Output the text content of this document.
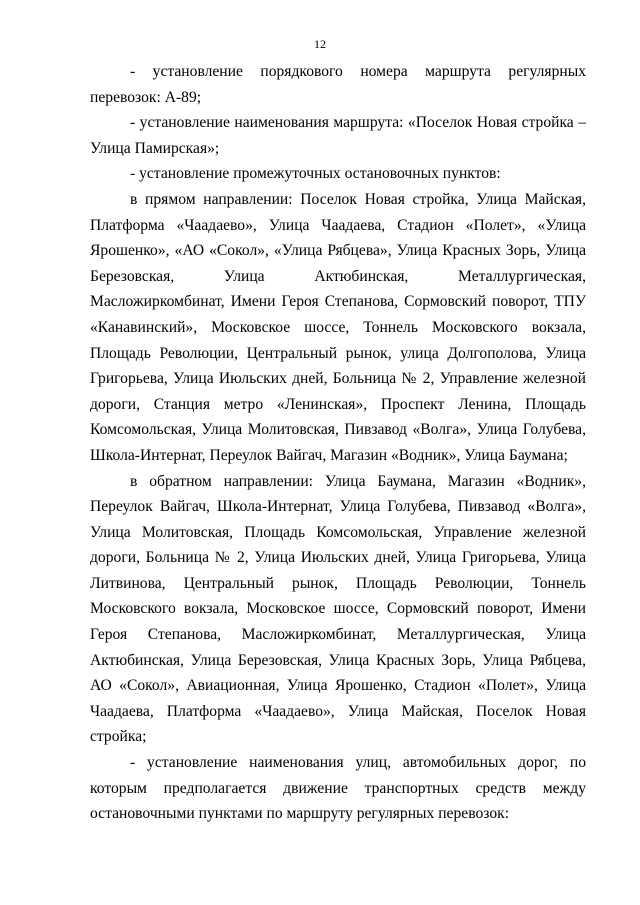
12

- установление порядкового номера маршрута регулярных перевозок: А-89;

- установление наименования маршрута: «Поселок Новая стройка – Улица Памирская»;

- установление промежуточных остановочных пунктов:

в прямом направлении: Поселок Новая стройка, Улица Майская, Платформа «Чаадаево», Улица Чаадаева, Стадион «Полет», «Улица Ярошенко», «АО «Сокол», «Улица Рябцева», Улица Красных Зорь, Улица Березовская, Улица Актюбинская, Металлургическая, Масложиркомбинат, Имени Героя Степанова, Сормовский поворот, ТПУ «Канавинский», Московское шоссе, Тоннель Московского вокзала, Площадь Революции, Центральный рынок, улица Долгополова, Улица Григорьева, Улица Июльских дней, Больница № 2, Управление железной дороги, Станция метро «Ленинская», Проспект Ленина, Площадь Комсомольская, Улица Молитовская, Пивзавод «Волга», Улица Голубева, Школа-Интернат, Переулок Вайгач, Магазин «Водник», Улица Баумана;

в обратном направлении: Улица Баумана, Магазин «Водник», Переулок Вайгач, Школа-Интернат, Улица Голубева, Пивзавод «Волга», Улица Молитовская, Площадь Комсомольская, Управление железной дороги, Больница № 2, Улица Июльских дней, Улица Григорьева, Улица Литвинова, Центральный рынок, Площадь Революции, Тоннель Московского вокзала, Московское шоссе, Сормовский поворот, Имени Героя Степанова, Масложиркомбинат, Металлургическая, Улица Актюбинская, Улица Березовская, Улица Красных Зорь, Улица Рябцева, АО «Сокол», Авиационная, Улица Ярошенко, Стадион «Полет», Улица Чаадаева, Платформа «Чаадаево», Улица Майская, Поселок Новая стройка;

- установление наименования улиц, автомобильных дорог, по которым предполагается движение транспортных средств между остановочными пунктами по маршруту регулярных перевозок:
